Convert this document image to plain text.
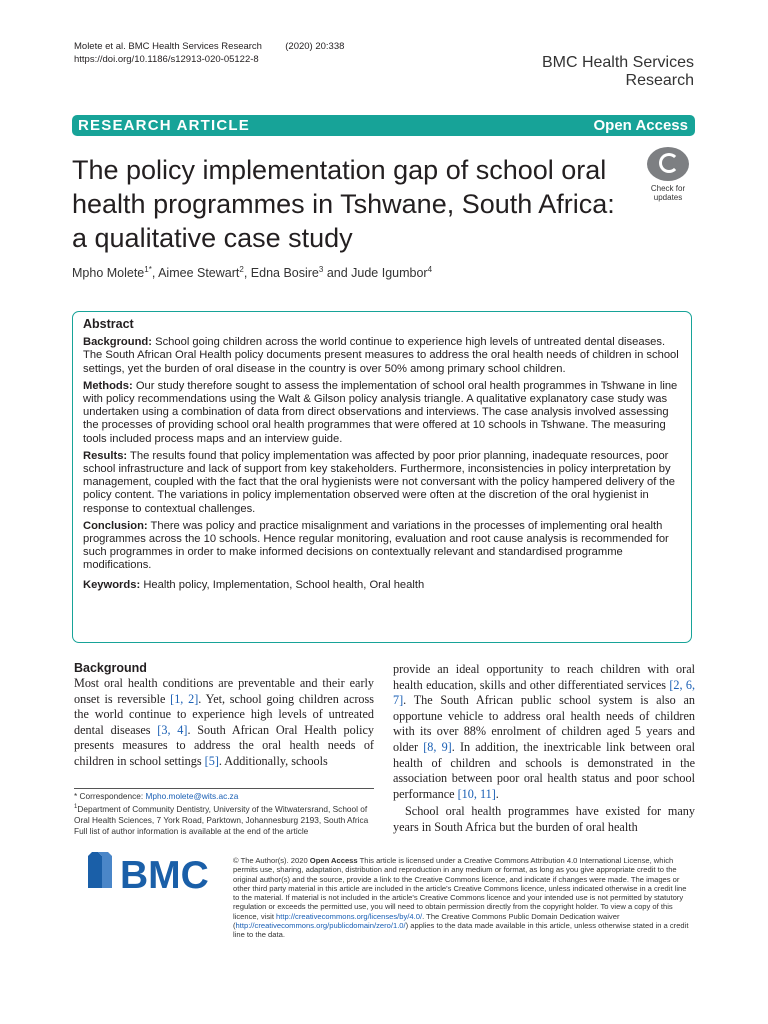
Molete et al. BMC Health Services Research (2020) 20:338
https://doi.org/10.1186/s12913-020-05122-8	BMC Health Services Research
RESEARCH ARTICLE	Open Access
The policy implementation gap of school oral health programmes in Tshwane, South Africa: a qualitative case study
Check for
updates
Mpho Molete$^{1*}$, Aimee Stewart$^2$, Edna Bosire$^3$ and Jude Igumbor$^4$
Abstract

Background: School going children across the world continue to experience high levels of untreated dental diseases. The South African Oral Health policy documents present measures to address the oral health needs of children in school settings, yet the burden of oral disease in the country is over 50% among primary school children.

Methods: Our study therefore sought to assess the implementation of school oral health programmes in Tshwane in line with policy recommendations using the Walt & Gilson policy analysis triangle. A qualitative explanatory case study was undertaken using a combination of data from direct observations and interviews. The case analysis involved assessing the processes of providing school oral health programmes that were offered at 10 schools in Tshwane. The measuring tools included process maps and an interview guide.

Results: The results found that policy implementation was affected by poor prior planning, inadequate resources, poor school infrastructure and lack of support from key stakeholders. Furthermore, inconsistencies in policy interpretation by management, coupled with the fact that the oral hygienists were not conversant with the policy hampered delivery of the policy content. The variations in policy implementation observed were often at the discretion of the oral hygienist in response to contextual challenges.

Conclusion: There was policy and practice misalignment and variations in the processes of implementing oral health programmes across the 10 schools. Hence regular monitoring, evaluation and root cause analysis is recommended for such programmes in order to make informed decisions on contextually relevant and standardised programme modifications.

Keywords: Health policy, Implementation, School health, Oral health

Background

Most oral health conditions are preventable and their early onset is reversible [1, 2]. Yet, school going children across the world continue to experience high levels of untreated dental diseases [3, 4]. South African Oral Health policy presents measures to address the oral health needs of children in school settings [5]. Additionally, schools

provide an ideal opportunity to reach children with oral health education, skills and other differentiated services [2, 6, 7]. The South African public school system is also an opportune vehicle to address oral health needs of children with its over 88% enrolment of children aged 5 years and older [8, 9]. In addition, the inextricable link between oral health of children and schools is demonstrated in the association between poor oral health status and poor school performance [10, 11].

School oral health programmes have existed for many years in South Africa but the burden of oral health

* Correspondence: Mpho.molete@wits.ac.za
$^1$Department of Community Dentistry, University of the Witwatersrand, School of Oral Health Sciences, 7 York Road, Parktown, Johannesburg 2193, South Africa
Full list of author information is available at the end of the article
BMC	© The Author(s). 2020 Open Access This article is licensed under a Creative Commons Attribution 4.0 International License, which permits use, sharing, adaptation, distribution and reproduction in any medium or format, as long as you give appropriate credit to the original author(s) and the source, provide a link to the Creative Commons licence, and indicate if changes were made. The images or other third party material in this article are included in the article's Creative Commons licence, unless indicated otherwise in a credit line to the material. If material is not included in the article's Creative Commons licence and your intended use is not permitted by statutory regulation or exceeds the permitted use, you will need to obtain permission directly from the copyright holder. To view a copy of this licence, visit http://creativecommons.org/licenses/by/4.0/. The Creative Commons Public Domain Dedication waiver (http://creativecommons.org/publicdomain/zero/1.0/) applies to the data made available in this article, unless otherwise stated in a credit line to the data.
